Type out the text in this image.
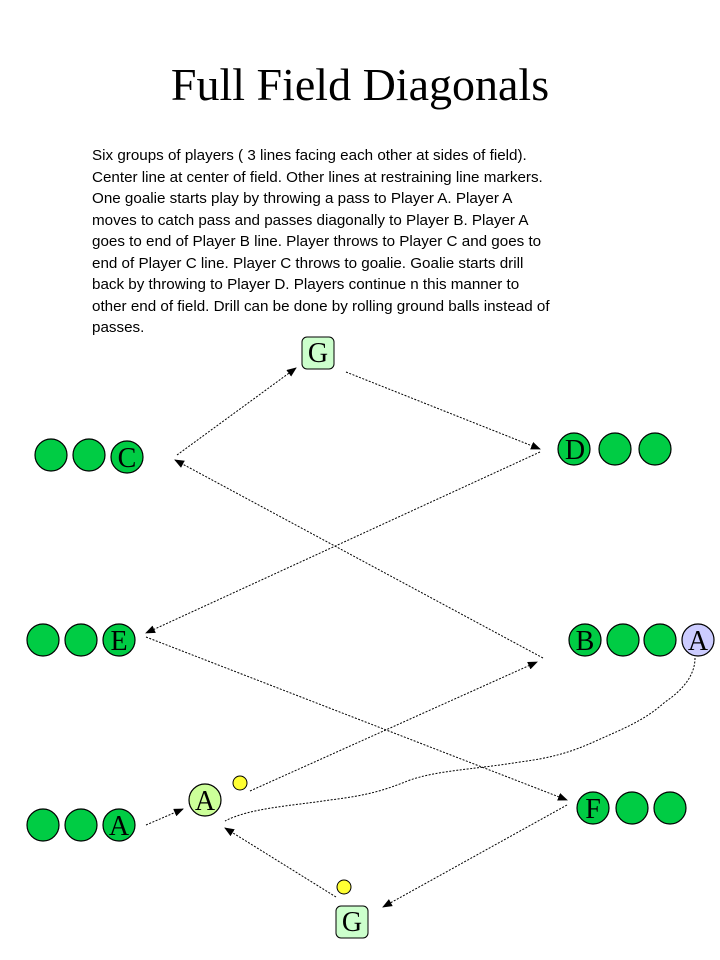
Full Field Diagonals
Six groups of players ( 3 lines facing each other at sides of field).
Center line at center of field. Other lines at restraining line markers.
One goalie starts play by throwing a pass to Player A. Player A
moves to catch pass and passes diagonally to Player B. Player A
goes to end of Player B line. Player throws to Player C and goes to
end of Player C line. Player C throws to goalie. Goalie starts drill
back by throwing to Player D. Players continue n this manner to
other end of field. Drill can be done by rolling ground balls instead of
passes.
C	D
E	B	A
A
F
A
G
G
